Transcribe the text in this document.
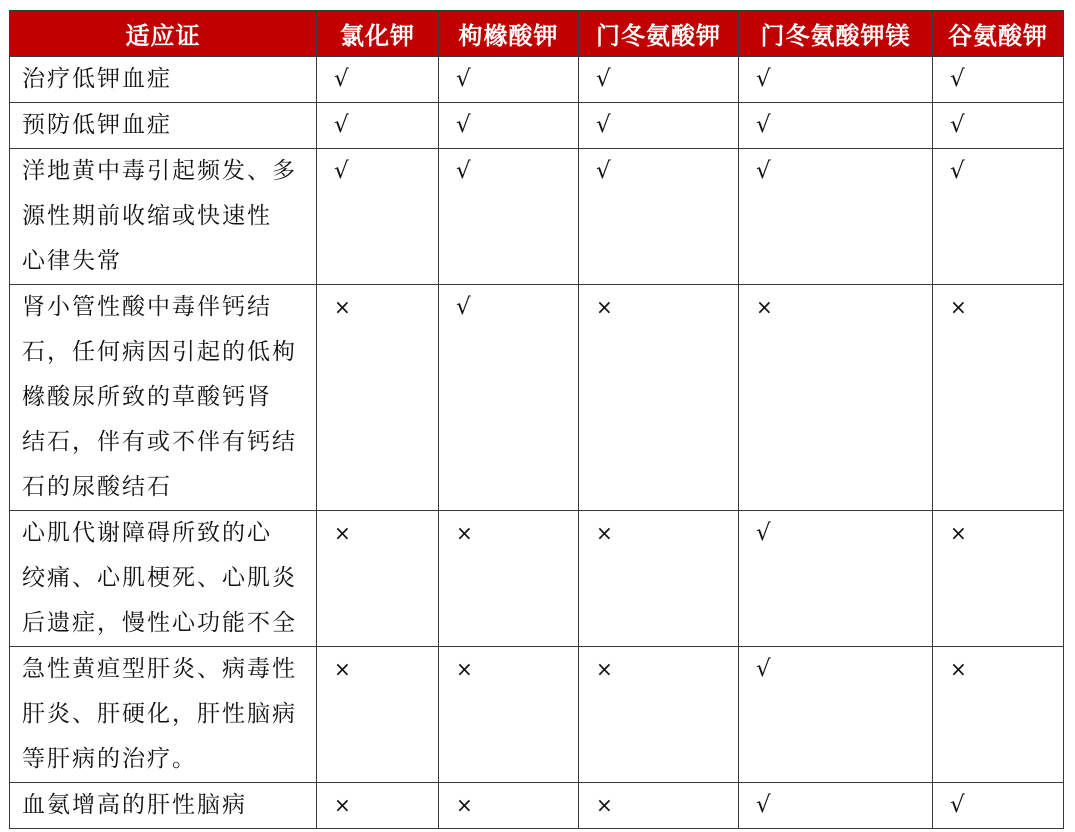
适应证	氯化钾	枸橼酸钾	门冬氨酸钾	门冬氨酸钾镁	谷氨酸钾

治疗低钾血症	√	√	√	√	√

预防低钾血症	√	√	√	√	√

洋地黄中毒引起频发、多
源性期前收缩或快速性
心律失常	√	√	√	√	√

肾小管性酸中毒伴钙结
石，任何病因引起的低枸
橼酸尿所致的草酸钙肾
结石，伴有或不伴有钙结
石的尿酸结石	×	√	×	×	×

心肌代谢障碍所致的心
绞痛、心肌梗死、心肌炎
后遗症，慢性心功能不全	×	×	×	√	×

急性黄疸型肝炎、病毒性
肝炎、肝硬化，肝性脑病
等肝病的治疗。	×	×	×	√	×

血氨增高的肝性脑病	×	×	×	√	√
